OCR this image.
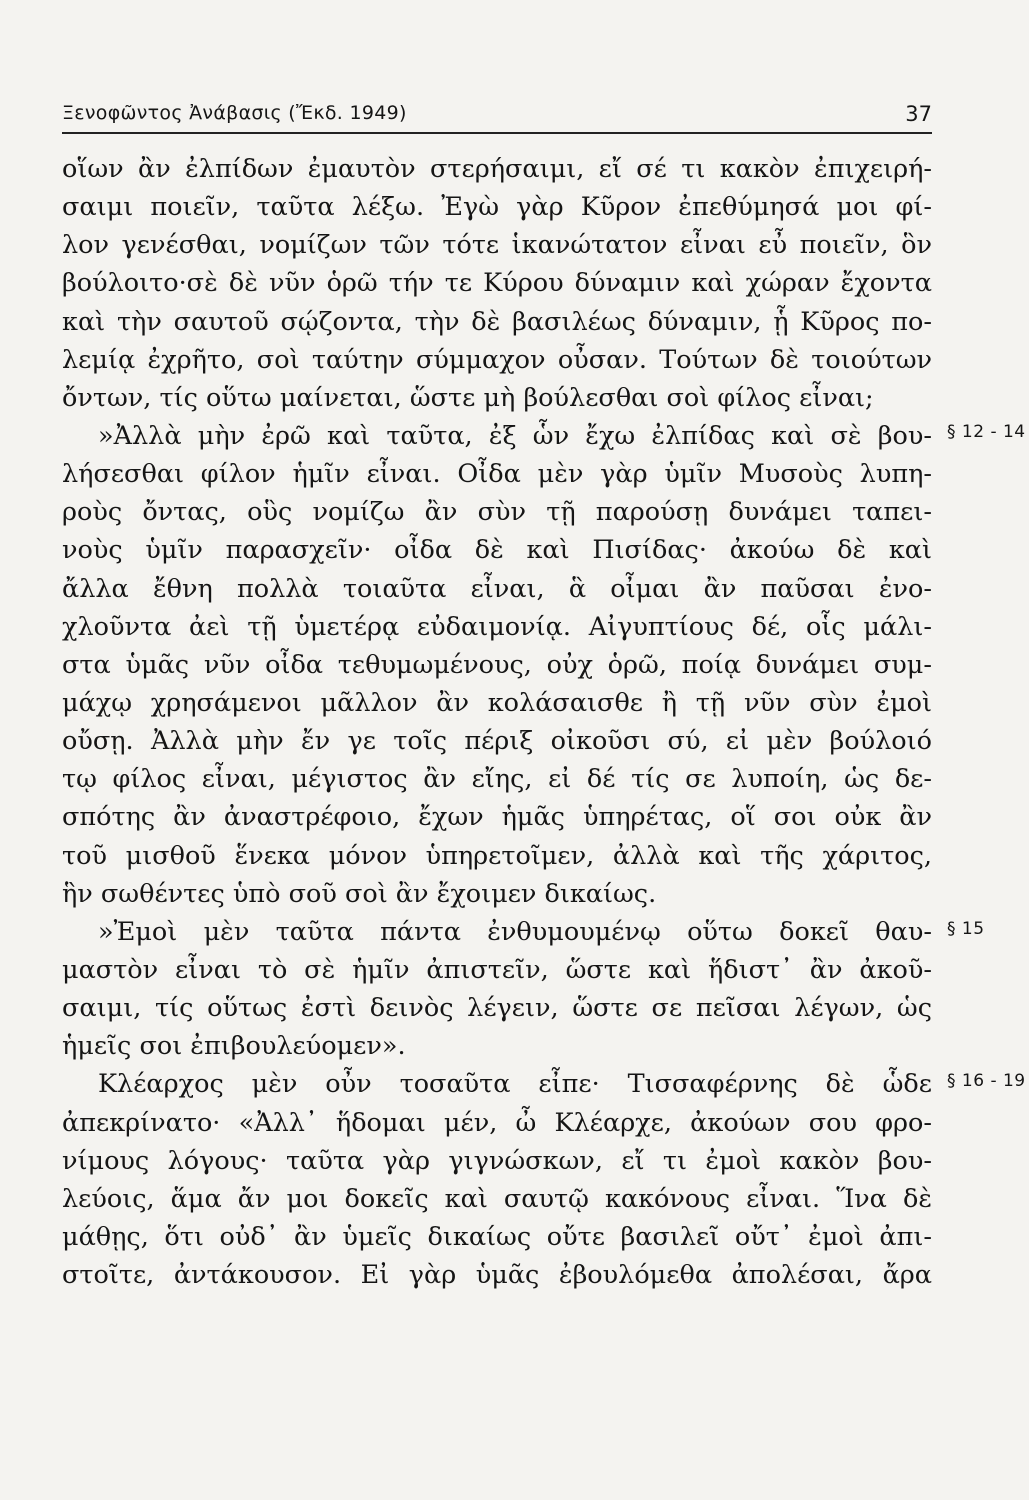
Ξενοφῶντος Ἀνάβασις (Ἔκδ. 1949)	37
οἵων ἂν ἐλπίδων ἐμαυτὸν στερήσαιμι, εἴ σέ τι κακὸν ἐπιχειρή-
σαιμι ποιεῖν, ταῦτα λέξω. Ἐγὼ γὰρ Κῦρον ἐπεθύμησά μοι φί-
λον γενέσθαι, νομίζων τῶν τότε ἱκανώτατον εἶναι εὖ ποιεῖν, ὃν
βούλοιτο·σὲ δὲ νῦν ὁρῶ τήν τε Κύρου δύναμιν καὶ χώραν ἔχοντα
καὶ τὴν σαυτοῦ σῴζοντα, τὴν δὲ βασιλέως δύναμιν, ᾗ Κῦρος πο-
λεμίᾳ ἐχρῆτο, σοὶ ταύτην σύμμαχον οὖσαν. Τούτων δὲ τοιούτων
ὄντων, τίς οὕτω μαίνεται, ὥστε μὴ βούλεσθαι σοὶ φίλος εἶναι;
»Ἀλλὰ μὴν ἐρῶ καὶ ταῦτα, ἐξ ὧν ἔχω ἐλπίδας καὶ σὲ βου-
λήσεσθαι φίλον ἡμῖν εἶναι. Οἶδα μὲν γὰρ ὑμῖν Μυσοὺς λυπη-
ροὺς ὄντας, οὓς νομίζω ἂν σὺν τῇ παρούσῃ δυνάμει ταπει-
νοὺς ὑμῖν παρασχεῖν· οἶδα δὲ καὶ Πισίδας· ἀκούω δὲ καὶ
ἄλλα ἔθνη πολλὰ τοιαῦτα εἶναι, ἃ οἶμαι ἂν παῦσαι ἐνο-
χλοῦντα ἀεὶ τῇ ὑμετέρᾳ εὐδαιμονίᾳ. Αἰγυπτίους δέ, οἷς μάλι-
στα ὑμᾶς νῦν οἶδα τεθυμωμένους, οὐχ ὁρῶ, ποίᾳ δυνάμει συμ-
μάχῳ χρησάμενοι μᾶλλον ἂν κολάσαισθε ἢ τῇ νῦν σὺν ἐμοὶ
οὔσῃ. Ἀλλὰ μὴν ἔν γε τοῖς πέριξ οἰκοῦσι σύ, εἰ μὲν βούλοιό
τῳ φίλος εἶναι, μέγιστος ἂν εἴης, εἰ δέ τίς σε λυποίη, ὡς δε-
σπότης ἂν ἀναστρέφοιο, ἔχων ἡμᾶς ὑπηρέτας, οἵ σοι οὐκ ἂν
τοῦ μισθοῦ ἕνεκα μόνον ὑπηρετοῖμεν, ἀλλὰ καὶ τῆς χάριτος,
ἣν σωθέντες ὑπὸ σοῦ σοὶ ἂν ἔχοιμεν δικαίως.
»Ἐμοὶ μὲν ταῦτα πάντα ἐνθυμουμένῳ οὕτω δοκεῖ θαυ-
μαστὸν εἶναι τὸ σὲ ἡμῖν ἀπιστεῖν, ὥστε καὶ ἥδιστ᾽ ἂν ἀκοῦ-
σαιμι, τίς οὕτως ἐστὶ δεινὸς λέγειν, ὥστε σε πεῖσαι λέγων, ὡς
ἡμεῖς σοι ἐπιβουλεύομεν».
Κλέαρχος μὲν οὖν τοσαῦτα εἶπε· Τισσαφέρνης δὲ ὧδε
ἀπεκρίνατο· «Ἀλλ᾽ ἥδομαι μέν, ὦ Κλέαρχε, ἀκούων σου φρο-
νίμους λόγους· ταῦτα γὰρ γιγνώσκων, εἴ τι ἐμοὶ κακὸν βου-
λεύοις, ἅμα ἄν μοι δοκεῖς καὶ σαυτῷ κακόνους εἶναι. Ἵνα δὲ
μάθῃς, ὅτι οὐδ᾽ ἂν ὑμεῖς δικαίως οὔτε βασιλεῖ οὔτ᾽ ἐμοὶ ἀπι-
στοῖτε, ἀντάκουσον. Εἰ γὰρ ὑμᾶς ἐβουλόμεθα ἀπολέσαι, ἄρα
§ 12 - 14
§ 15
§ 16 - 19
